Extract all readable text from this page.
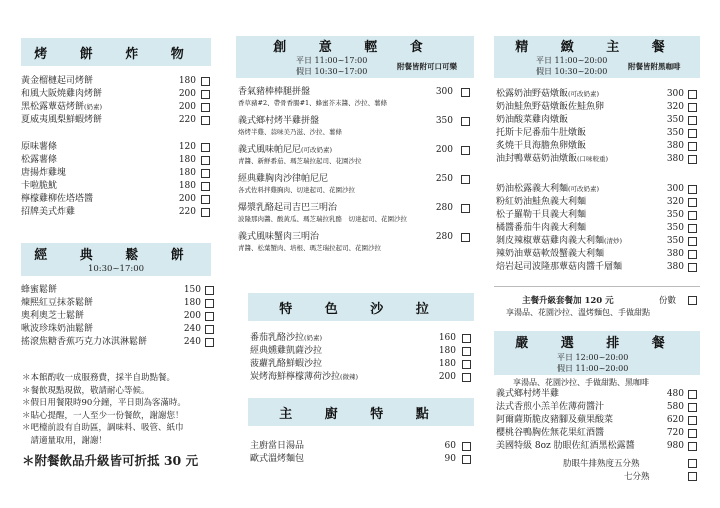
烤 餅 炸 物
黃金榴槤起司烤餅	180
和風大阪燒雞肉烤餅	200
黑松露蕈菇烤餅(奶素)	200
夏威夷風梨鮮蝦烤餅	220
原味薯條	120
松露薯條	180
唐揚炸雞塊	180
卡啦脆魷	180
檸檬雞柳佐塔塔醬	200
招牌美式炸雞	220
經 典 鬆 餅
10:30~17:00
蜂蜜鬆餅	150
煉熙紅豆抹茶鬆餅	180
奧利奧芝士鬆餅	200
啾波珍珠奶油鬆餅	240
搖滾焦糖香蕉巧克力冰淇淋鬆餅	240
＊本館酌收一成服務費，採半自助點餐。
＊餐飲現點現做，敬請耐心等候。
＊假日用餐限時90分鐘，平日則為客滿時。
＊貼心提醒，一人至少一份餐飲，謝謝您！
＊吧檯前設有自助區，調味料、吸管、紙巾
　請適量取用，謝謝！
＊附餐飲品升級皆可折抵 30 元
創 意 輕 食
平日 11:00~17:00
假日 10:30~17:00
附餐皆附可口可樂
香氣豬棒棒腿拼盤	300
香草豬#2、帶骨香腸#1、蜂蜜芥末醬、沙拉、薯條
義式鄉村烤半雞拼盤	350
烙烤半雞、蒜味美乃滋、沙拉、薯條
義式風味帕尼尼(可改奶素)	200
青醬、新鮮番茄、瑪芝瑞拉起司、花園沙拉
經典雞胸肉沙律帕尼尼	250
各式佐料拌雞胸肉、切達起司、花園沙拉
爆漿乳酪起司吉巴三明治	280
波隆那肉醬、酸黃瓜、瑪芝瑞拉乳酪　切達起司、花園沙拉
義式風味蟹肉三明治	280
青醬、松葉蟹肉、培根、瑪芝瑞拉起司、花園沙拉
特 色 沙 拉
番茄乳酪沙拉(奶素)	160
經典燻雞凱薩沙拉	180
菠蘿乳酪鮮蝦沙拉	180
炭烤海鮮檸檬薄荷沙拉(微辣)	200
主 廚 特 點
主廚當日湯品	60
歐式溫烤麵包	90
精 緻 主 餐
平日 11:00~20:00
假日 10:30~20:00
附餐皆附黑咖啡
松露奶油野菇燉飯(可改奶素)	300
奶油鮭魚野菇燉飯佐鮭魚卵	320
奶油酸菜雞肉燉飯	350
托斯卡尼番茄牛肚燉飯	350
炙燒干貝海膽魚卵燉飯	380
油封鴨蕈菇奶油燉飯(口味較重)	380
奶油松露義大利麵(可改奶素)	300
粉紅奶油鮭魚義大利麵	320
松子羅勒干貝義大利麵	350
橘醬番茄牛肉義大利麵	350
剝皮辣椒蕈菇雞肉義大利麵(清炒)	350
辣奶油蕈菇軟殼蟹義大利麵	380
焙岩起司波隆那蕈菇肉醬千層麵	380
主餐升級套餐加 120 元	份數
享湯品、花園沙拉、溫烤麵包、手做甜點
嚴 選 排 餐
平日 12:00~20:00
假日 11:00~20:00
享湯品、花園沙拉、手做甜點、黑咖啡
義式鄉村烤半雞	480
法式香煎小羔羊佐薄荷醬汁	580
阿爾薩斯脆皮豬腳及蘋果酸菜	620
櫻桃谷鴨胸佐無花果紅酒醬	720
美國特級 8oz 肋眼佐紅酒黑松露醬	980
肋眼牛排熟度五分熟
七分熟
